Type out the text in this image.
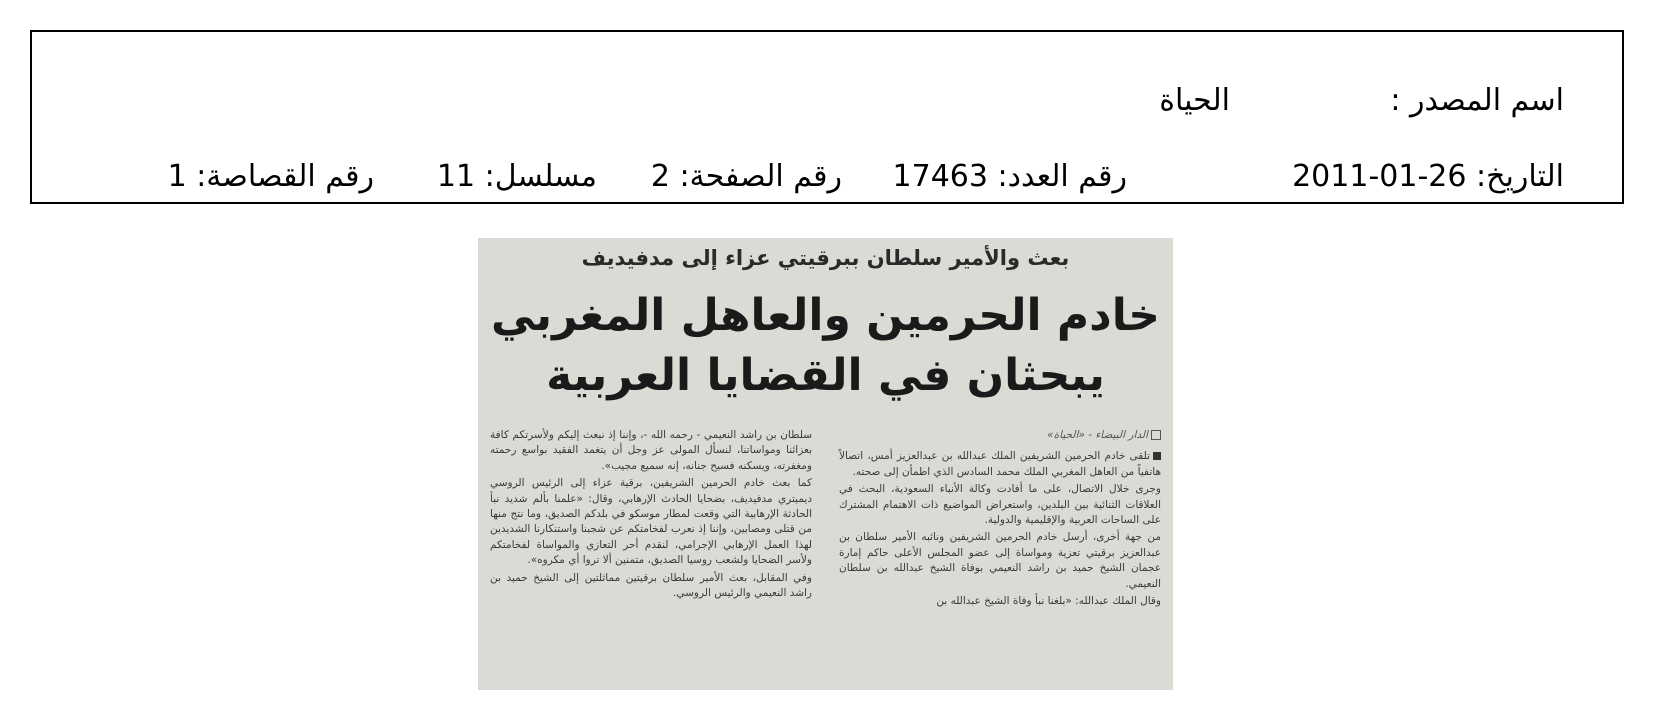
اسم المصدر :
الحياة
التاريخ: 26-01-2011
رقم العدد: 17463
رقم الصفحة: 2
مسلسل: 11
رقم القصاصة: 1
بعث والأمير سلطان ببرقيتي عزاء إلى مدفيديف
خادم الحرمين والعاهل المغربي
يبحثان في القضايا العربية

الدار البيضاء - «الحياة»

تلقى خادم الحرمين الشريفين الملك عبدالله بن عبدالعزيز أمس، اتصالاً هاتفياً من العاهل المغربي الملك محمد السادس الذي اطمأن إلى صحته.

وجرى خلال الاتصال، على ما أفادت وكالة الأنباء السعودية، البحث في العلاقات الثنائية بين البلدين، واستعراض المواضيع ذات الاهتمام المشترك على الساحات العربية والإقليمية والدولية.

من جهة أخرى، أرسل خادم الحرمين الشريفين ونائبه الأمير سلطان بن عبدالعزيز برقيتي تعزية ومواساة إلى عضو المجلس الأعلى حاكم إمارة عجمان الشيخ حميد بن راشد النعيمي بوفاة الشيخ عبدالله بن سلطان النعيمي.

وقال الملك عبدالله: «بلغنا نبأ وفاة الشيخ عبدالله بن

سلطان بن راشد النعيمي - رحمه الله -، وإننا إذ نبعث إليكم ولأسرتكم كافة بعزائنا ومواساتنا، لنسأل المولى عز وجل أن يتغمد الفقيد بواسع رحمته ومغفرته، ويسكنه فسيح جنانه، إنه سميع مجيب».

كما بعث خادم الحرمين الشريفين، برقية عزاء إلى الرئيس الروسي ديميتري مدفيديف، بضحايا الحادث الإرهابي، وقال: «علمنا بألم شديد نبأ الحادثة الإرهابية التي وقعت لمطار موسكو في بلدكم الصديق، وما نتج منها من قتلى ومصابين، وإننا إذ نعرب لفخامتكم عن شجبنا واستنكارنا الشديدين لهذا العمل الإرهابي الإجرامي، لنقدم أحر التعازي والمواساة لفخامتكم ولأسر الضحايا ولشعب روسيا الصديق، متمنين ألا تروا أي مكروه».

وفي المقابل، بعث الأمير سلطان برقيتين مماثلتين إلى الشيخ حميد بن راشد النعيمي والرئيس الروسي.
